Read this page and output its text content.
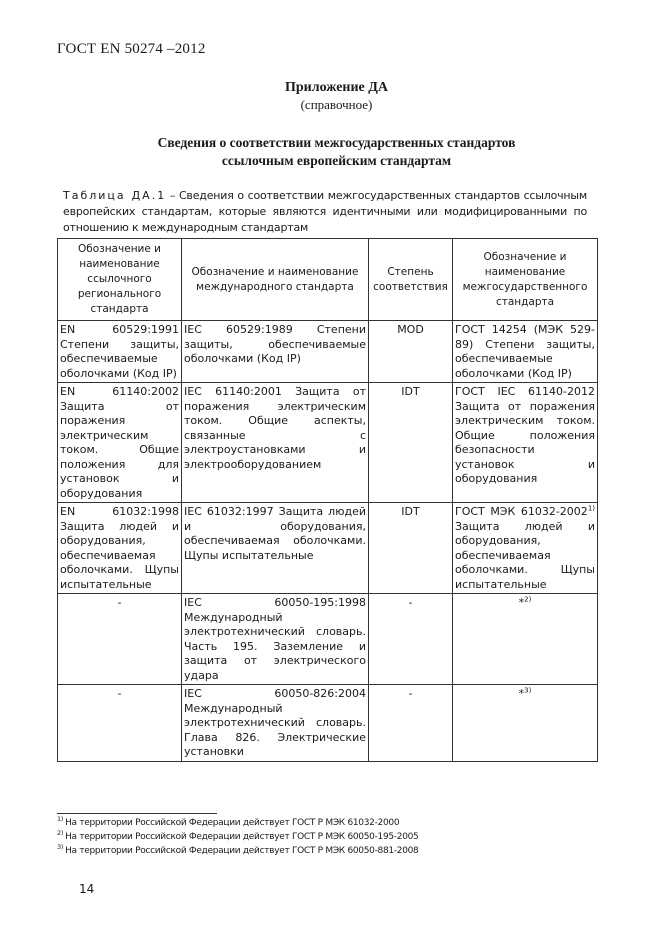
ГОСТ EN 50274 –2012
Приложение ДА
(справочное)
Сведения о соответствии межгосударственных стандартов
ссылочным европейским стандартам
Таблица ДА.1 – Сведения о соответствии межгосударственных стандартов ссылочным европейских стандартам, которые являются идентичными или модифицированными по отношению к международным стандартам
Обозначение и наименование ссылочного регионального стандарта	Обозначение и наименование международного стандарта	Степень соответствия	Обозначение и наименование межгосударственного стандарта
EN 60529:1991 Степени защиты, обеспечиваемые оболочками (Код IP)	IEC 60529:1989 Степени защиты, обеспечиваемые оболочками (Код IP)	MOD	ГОСТ 14254 (МЭК 529-89) Степени защиты, обеспечиваемые оболочками (Код IP)
EN 61140:2002 Защита от поражения электрическим током. Общие положения для установок и оборудования	IEC 61140:2001 Защита от поражения электрическим током. Общие аспекты, связанные с электроустановками и электрооборудованием	IDT	ГОСТ IEC 61140-2012 Защита от поражения электрическим током. Общие положения безопасности установок и оборудования
EN 61032:1998 Защита людей и оборудования, обеспечиваемая оболочками. Щупы испытательные	IEC 61032:1997 Защита людей и оборудования, обеспечиваемая оболочками. Щупы испытательные	IDT	ГОСТ МЭК 61032-2002$^{1)}$ Защита людей и оборудования, обеспечиваемая оболочками. Щупы испытательные
-	IEC 60050-195:1998 Международный электротехнический словарь. Часть 195. Заземление и защита от электрического удара	-	*$^{2)}$
-	IEC 60050-826:2004 Международный электротехнический словарь. Глава 826. Электрические установки	-	*$^{3)}$
$^{1)}$ На территории Российской Федерации действует ГОСТ Р МЭК 61032-2000
$^{2)}$ На территории Российской Федерации действует ГОСТ Р МЭК 60050-195-2005
$^{3)}$ На территории Российской Федерации действует ГОСТ Р МЭК 60050-881-2008
14
